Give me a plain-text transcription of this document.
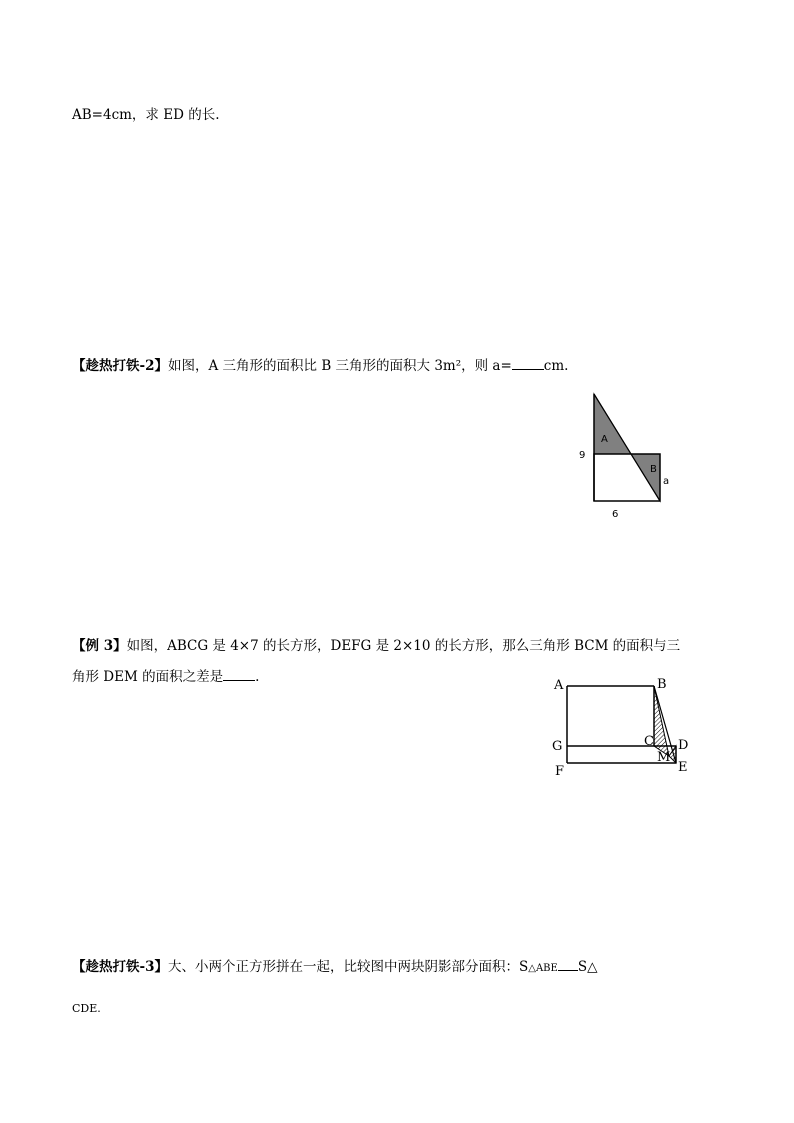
AB=4cm，求 ED 的长.
【趁热打铁-2】如图，A 三角形的面积比 B 三角形的面积大 3m²，则 a= cm.
A
B
9
6
a
【例 3】如图，ABCG 是 4×7 的长方形，DEFG 是 2×10 的长方形，那么三角形 BCM 的面积与三
角形 DEM 的面积之差是 .
A	B
G	C D
F
M
E
【趁热打铁-3】大、小两个正方形拼在一起，比较图中两块阴影部分面积：S△ABE S△
CDE.
